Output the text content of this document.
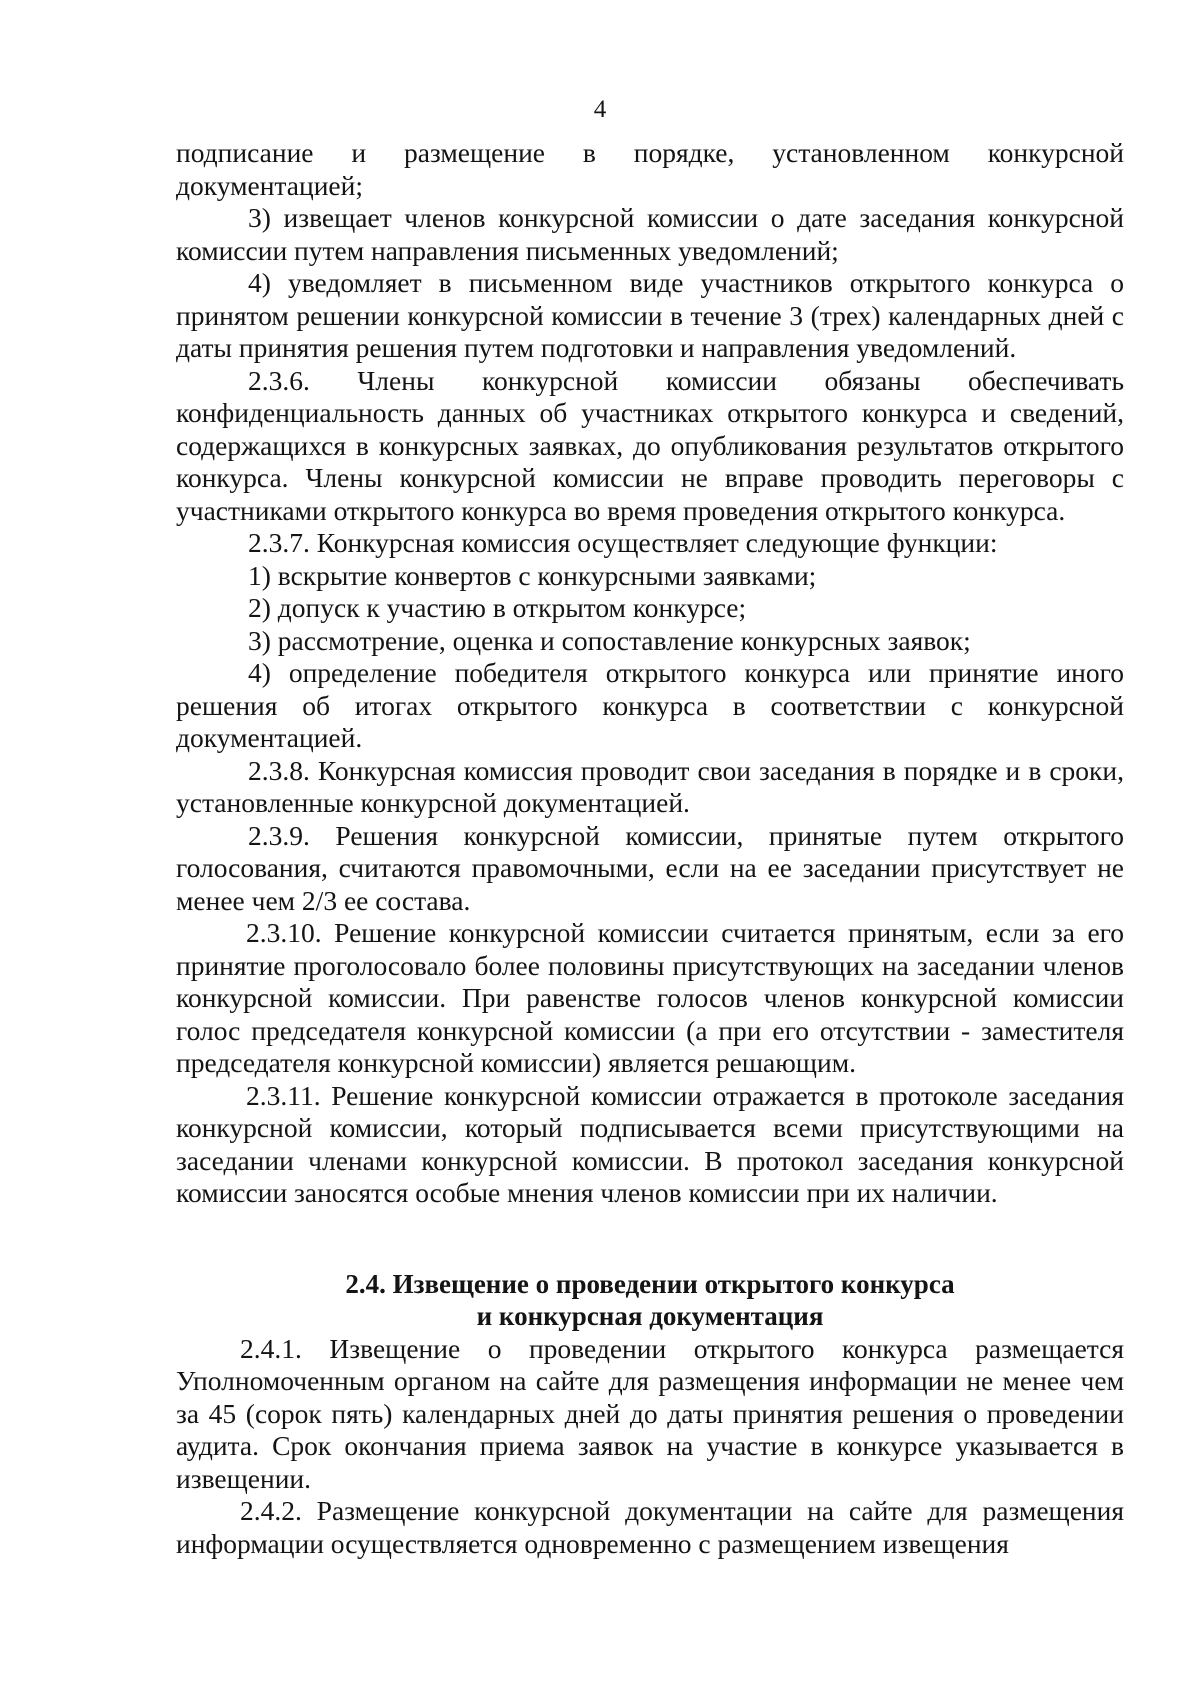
4

подписание и размещение в порядке, установленном конкурсной документацией;

3) извещает членов конкурсной комиссии о дате заседания конкурсной комиссии путем направления письменных уведомлений;

4) уведомляет в письменном виде участников открытого конкурса о принятом решении конкурсной комиссии в течение 3 (трех) календарных дней с даты принятия решения путем подготовки и направления уведомлений.

2.3.6. Члены конкурсной комиссии обязаны обеспечивать конфиденциальность данных об участниках открытого конкурса и сведений, содержащихся в конкурсных заявках, до опубликования результатов открытого конкурса. Члены конкурсной комиссии не вправе проводить переговоры с участниками открытого конкурса во время проведения открытого конкурса.

2.3.7. Конкурсная комиссия осуществляет следующие функции:

1) вскрытие конвертов с конкурсными заявками;

2) допуск к участию в открытом конкурсе;

3) рассмотрение, оценка и сопоставление конкурсных заявок;

4) определение победителя открытого конкурса или принятие иного решения об итогах открытого конкурса в соответствии с конкурсной документацией.

2.3.8. Конкурсная комиссия проводит свои заседания в порядке и в сроки, установленные конкурсной документацией.

2.3.9. Решения конкурсной комиссии, принятые путем открытого голосования, считаются правомочными, если на ее заседании присутствует не менее чем 2/3 ее состава.

2.3.10. Решение конкурсной комиссии считается принятым, если за его принятие проголосовало более половины присутствующих на заседании членов конкурсной комиссии. При равенстве голосов членов конкурсной комиссии голос председателя конкурсной комиссии (а при его отсутствии - заместителя председателя конкурсной комиссии) является решающим.

2.3.11. Решение конкурсной комиссии отражается в протоколе заседания конкурсной комиссии, который подписывается всеми присутствующими на заседании членами конкурсной комиссии. В протокол заседания конкурсной комиссии заносятся особые мнения членов комиссии при их наличии.

2.4. Извещение о проведении открытого конкурса
и конкурсная документация

2.4.1. Извещение о проведении открытого конкурса размещается Уполномоченным органом на сайте для размещения информации не менее чем за 45 (сорок пять) календарных дней до даты принятия решения о проведении аудита. Срок окончания приема заявок на участие в конкурсе указывается в извещении.

2.4.2. Размещение конкурсной документации на сайте для размещения информации осуществляется одновременно с размещением извещения
